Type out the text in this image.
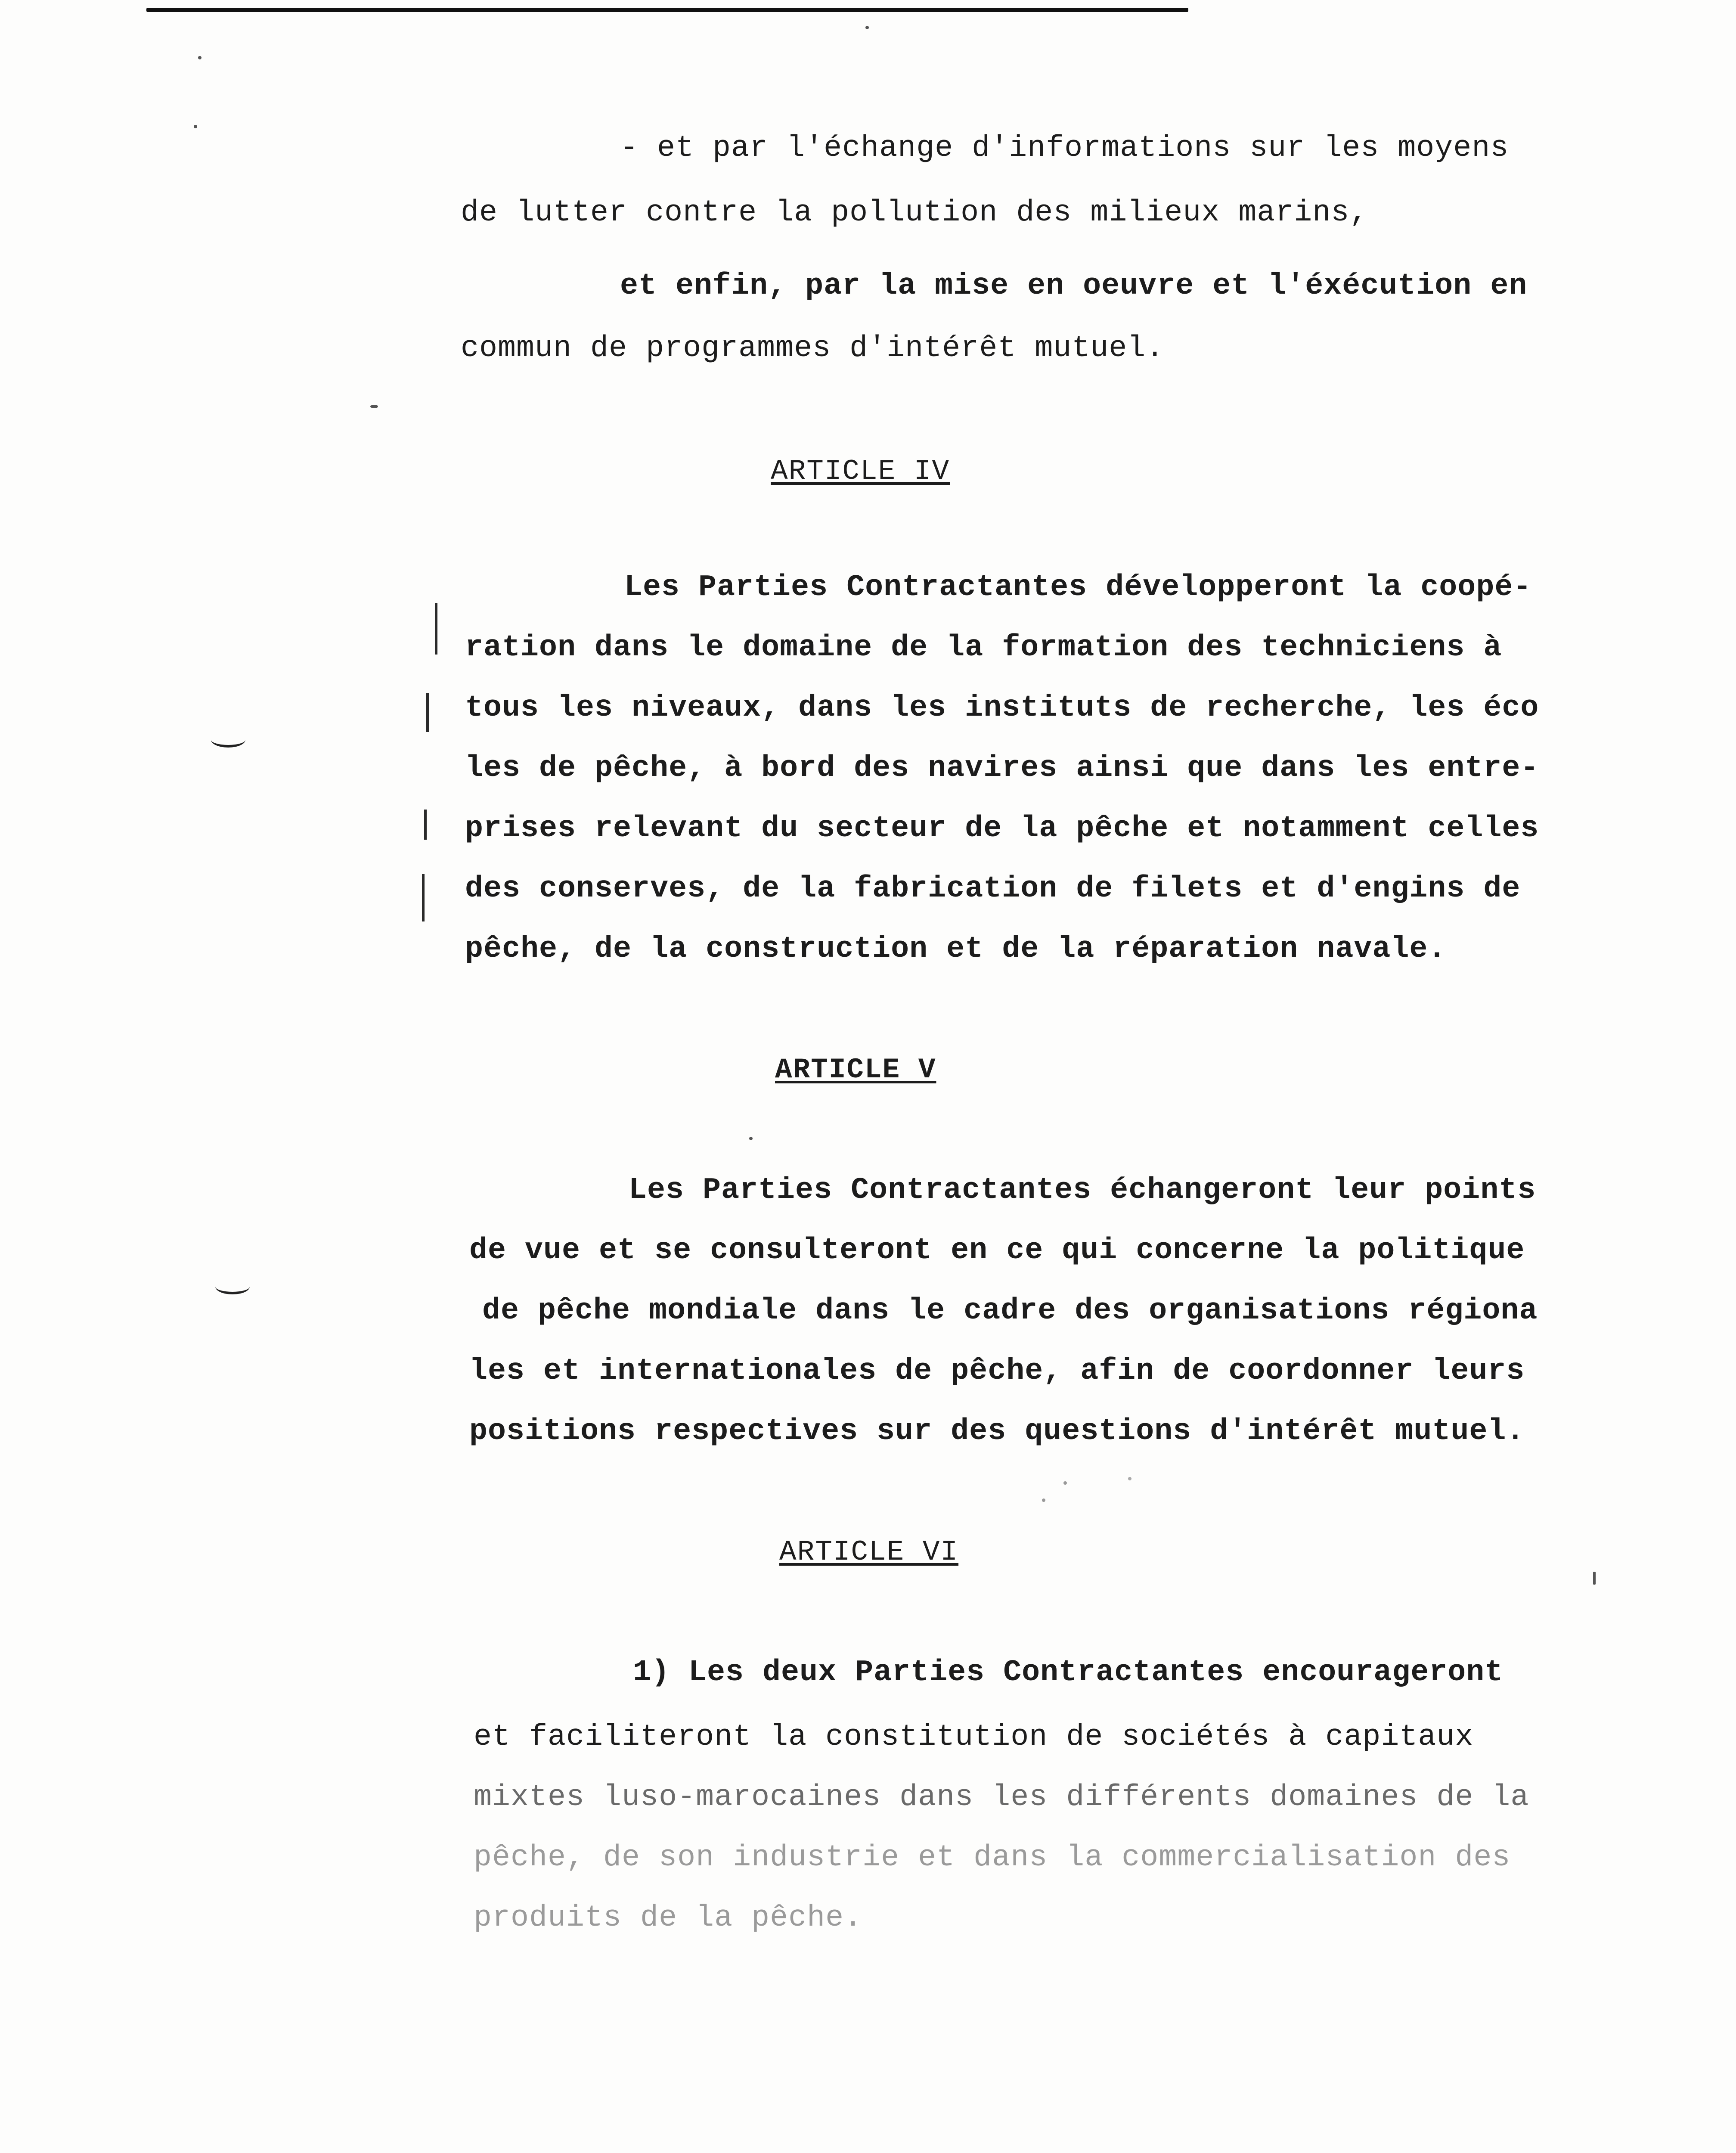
- et par l'échange d'informations sur les moyens
de lutter contre la pollution des milieux marins,
et enfin, par la mise en oeuvre et l'éxécution en
commun de programmes d'intérêt mutuel.
ARTICLE IV
Les Parties Contractantes développeront la coopé-
ration dans le domaine de la formation des techniciens à
tous les niveaux, dans les instituts de recherche, les éco
les de pêche, à bord des navires ainsi que dans les entre-
prises relevant du secteur de la pêche et notamment celles
des conserves, de la fabrication de filets et d'engins de
pêche, de la construction et de la réparation navale.
ARTICLE V
Les Parties Contractantes échangeront leur points
de vue et se consulteront en ce qui concerne la politique
de pêche mondiale dans le cadre des organisations régiona
les et internationales de pêche, afin de coordonner leurs
positions respectives sur des questions d'intérêt mutuel.
ARTICLE VI
1) Les deux Parties Contractantes encourageront
et faciliteront la constitution de sociétés à capitaux
mixtes luso-marocaines dans les différents domaines de la
pêche, de son industrie et dans la commercialisation des
produits de la pêche.
